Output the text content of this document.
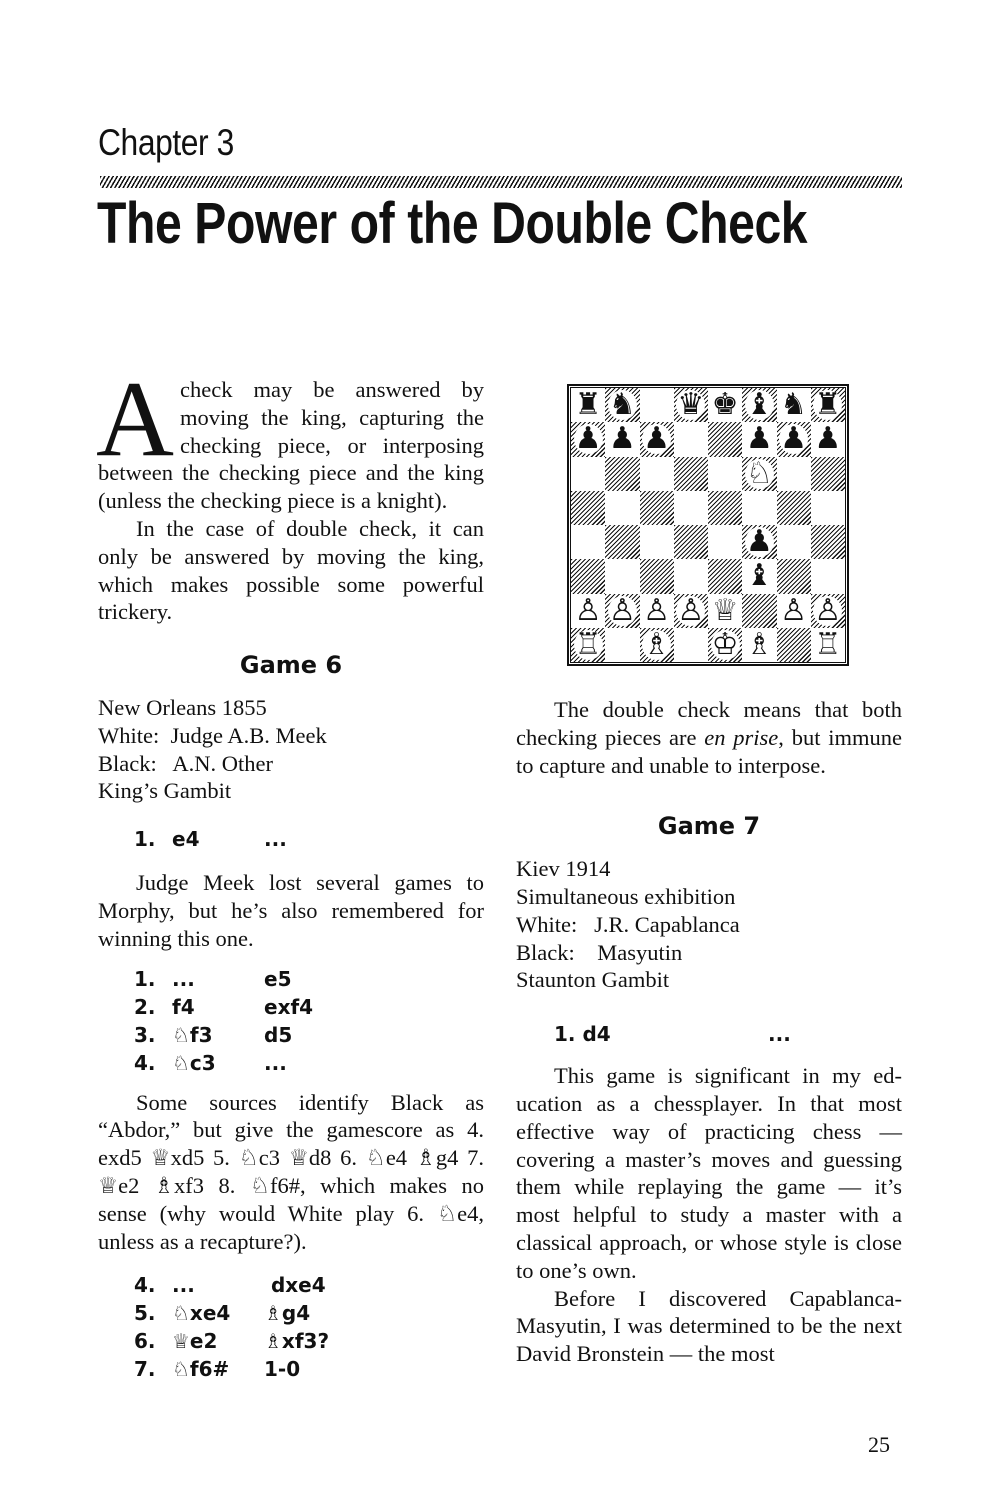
Chapter 3
The Power of the Double Check

A check may be answered by moving the king, capturing the checking piece, or interposing between the checking piece and the king (unless the checking piece is a knight).

In the case of double check, it can only be answered by moving the king, which makes possible some powerful trickery.

Game 6
New Orleans 1855
White:  Judge A.B. Meek
Black:   A.N. Other
King’s Gambit
1. e4	...

Judge Meek lost several games to Morphy, but he’s also remembered for winning this one.

1. ...	e5
2. f4	exf4
3. ♘f3	d5
4. ♘c3	...

Some sources identify Black as “Abdor,” but give the gamescore as 4. exd5 ♕xd5 5. ♘c3 ♕d8 6. ♘e4 ♗g4 7. ♕e2 ♗xf3 8. ♘f6#, which makes no sense (why would White play 6. ♘e4, unless as a recapture?).

4. ...	dxe4
5. ♘xe4	♗g4
6. ♕e2	♗xf3?
7. ♘f6#	1-0
♜ ♞ ♛ ♚ ♝ ♞ ♜
♟ ♟ ♟	♟ ♟ ♟
♘
♟
♝
♙ ♙ ♙ ♙ ♕ ♙ ♙
♖ ♗ ♔ ♗ ♖

The double check means that both checking pieces are en prise, but immune to capture and unable to interpose.

Game 7
Kiev 1914
Simultaneous exhibition
White:   J.R. Capablanca
Black:    Masyutin
Staunton Gambit
1. d4	...

This game is significant in my education as a chessplayer. In that most effective way of practicing chess — covering a master’s moves and guessing them while replaying the game — it’s most helpful to study a master with a classical approach, or whose style is close to one’s own.

Before I discovered Capablanca-Masyutin, I was determined to be the next David Bronstein — the most

25
